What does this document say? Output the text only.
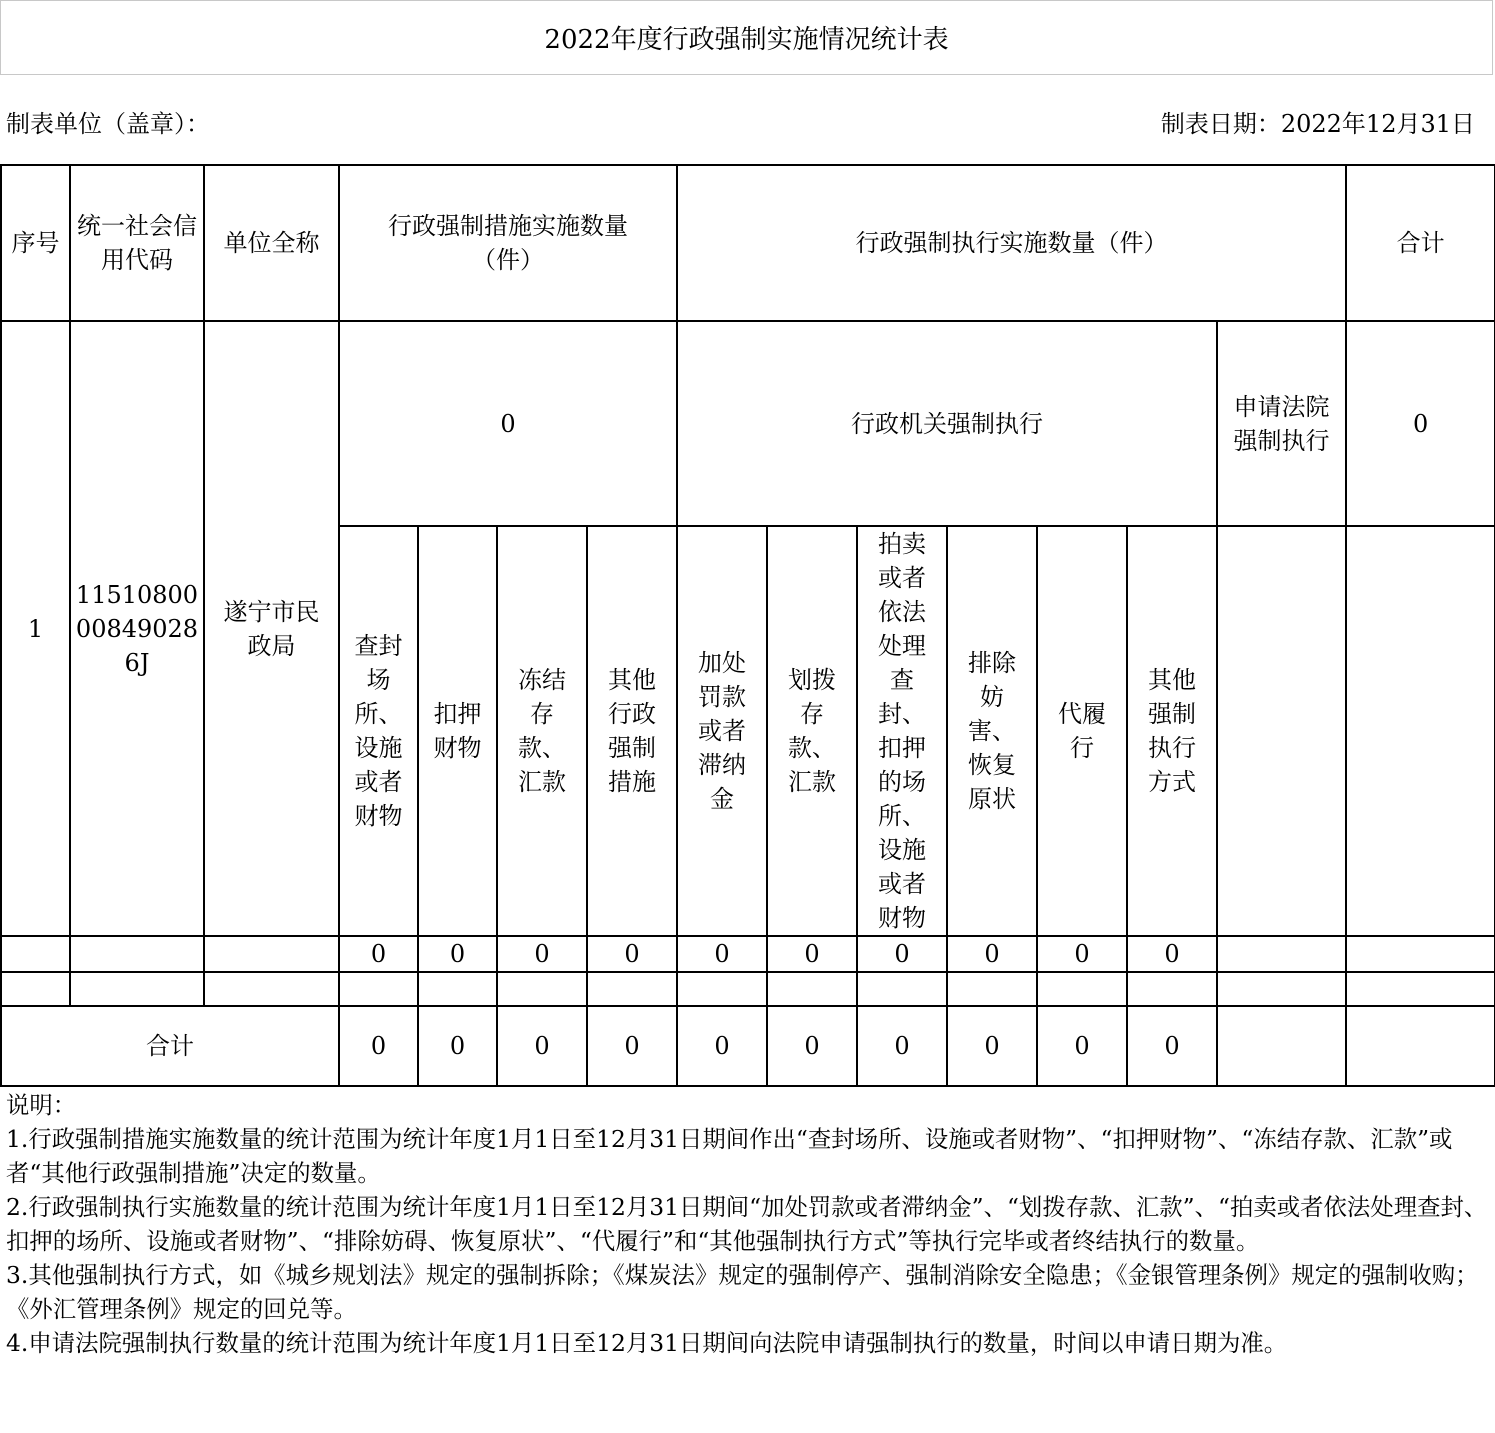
2022年度行政强制实施情况统计表
制表单位（盖章）：	制表日期：2022年12月31日
序号	统一社会信用代码	单位全称	行政强制措施实施数量（件）				行政强制执行实施数量（件）							合计
1	11510800
00849028
6J	遂宁市民政局	0				行政机关强制执行						申请法院强制执行	0
			查封场所、设施或者财物	扣押财物	冻结存款、汇款	其他行政强制措施	加处罚款或者滞纳金	划拨存款、汇款	拍卖或者依法处理查封、扣押的场所、设施或者财物	排除妨害、恢复原状	代履行	其他强制执行方式		
			0	0	0	0	0	0	0	0	0	0		

合计			0	0	0	0	0	0	0	0	0	0		
说明：
1.行政强制措施实施数量的统计范围为统计年度1月1日至12月31日期间作出“查封场所、设施或者财物”、“扣押财物”、“冻结存款、汇款”或者“其他行政强制措施”决定的数量。
2.行政强制执行实施数量的统计范围为统计年度1月1日至12月31日期间“加处罚款或者滞纳金”、“划拨存款、汇款”、“拍卖或者依法处理查封、扣押的场所、设施或者财物”、“排除妨碍、恢复原状”、“代履行”和“其他强制执行方式”等执行完毕或者终结执行的数量。
3.其他强制执行方式，如《城乡规划法》规定的强制拆除；《煤炭法》规定的强制停产、强制消除安全隐患；《金银管理条例》规定的强制收购；《外汇管理条例》规定的回兑等。
4.申请法院强制执行数量的统计范围为统计年度1月1日至12月31日期间向法院申请强制执行的数量，时间以申请日期为准。
